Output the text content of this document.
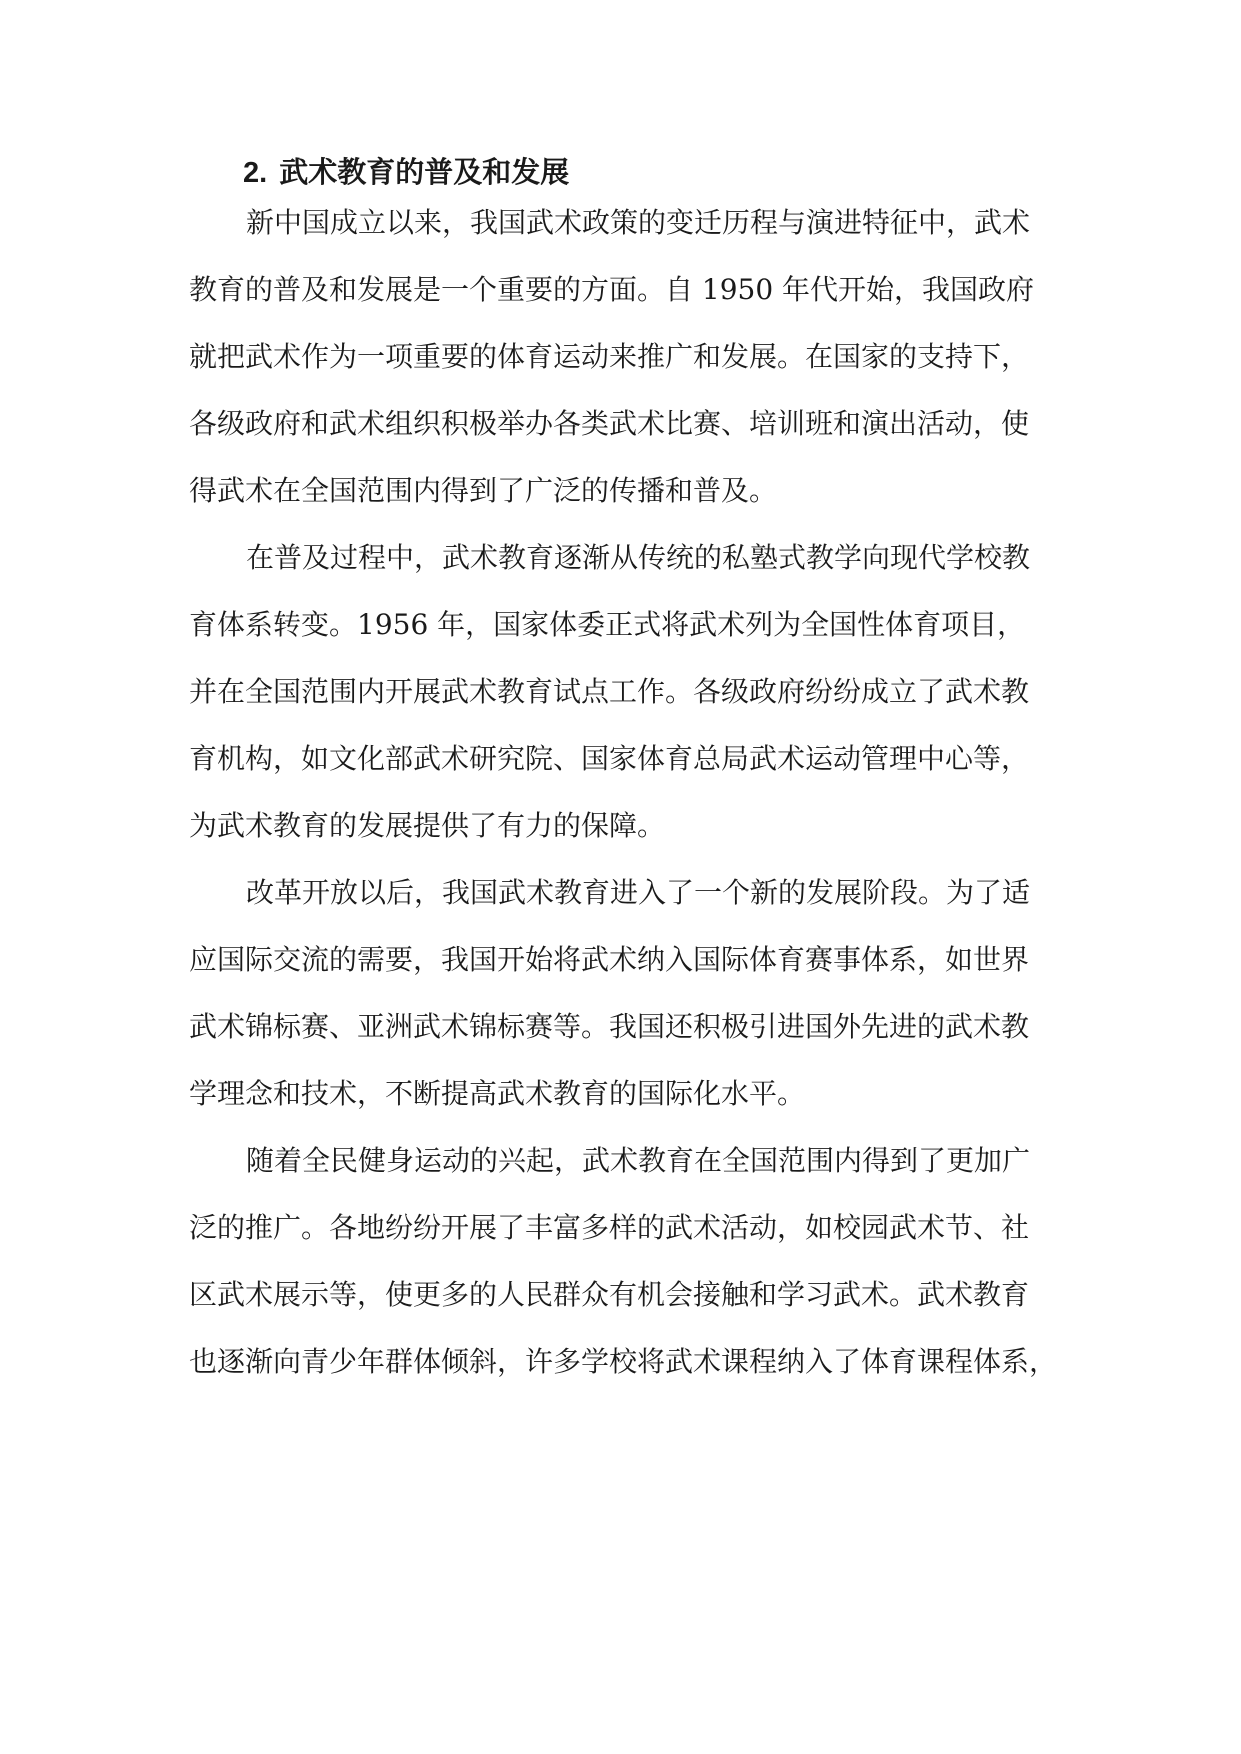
2. 武术教育的普及和发展

新中国成立以来，我国武术政策的变迁历程与演进特征中，武术

教育的普及和发展是一个重要的方面。自 1950 年代开始，我国政府

就把武术作为一项重要的体育运动来推广和发展。在国家的支持下，

各级政府和武术组织积极举办各类武术比赛、培训班和演出活动，使

得武术在全国范围内得到了广泛的传播和普及。

在普及过程中，武术教育逐渐从传统的私塾式教学向现代学校教

育体系转变。1956 年，国家体委正式将武术列为全国性体育项目，

并在全国范围内开展武术教育试点工作。各级政府纷纷成立了武术教

育机构，如文化部武术研究院、国家体育总局武术运动管理中心等，

为武术教育的发展提供了有力的保障。

改革开放以后，我国武术教育进入了一个新的发展阶段。为了适

应国际交流的需要，我国开始将武术纳入国际体育赛事体系，如世界

武术锦标赛、亚洲武术锦标赛等。我国还积极引进国外先进的武术教

学理念和技术，不断提高武术教育的国际化水平。

随着全民健身运动的兴起，武术教育在全国范围内得到了更加广

泛的推广。各地纷纷开展了丰富多样的武术活动，如校园武术节、社

区武术展示等，使更多的人民群众有机会接触和学习武术。武术教育

也逐渐向青少年群体倾斜，许多学校将武术课程纳入了体育课程体系，
